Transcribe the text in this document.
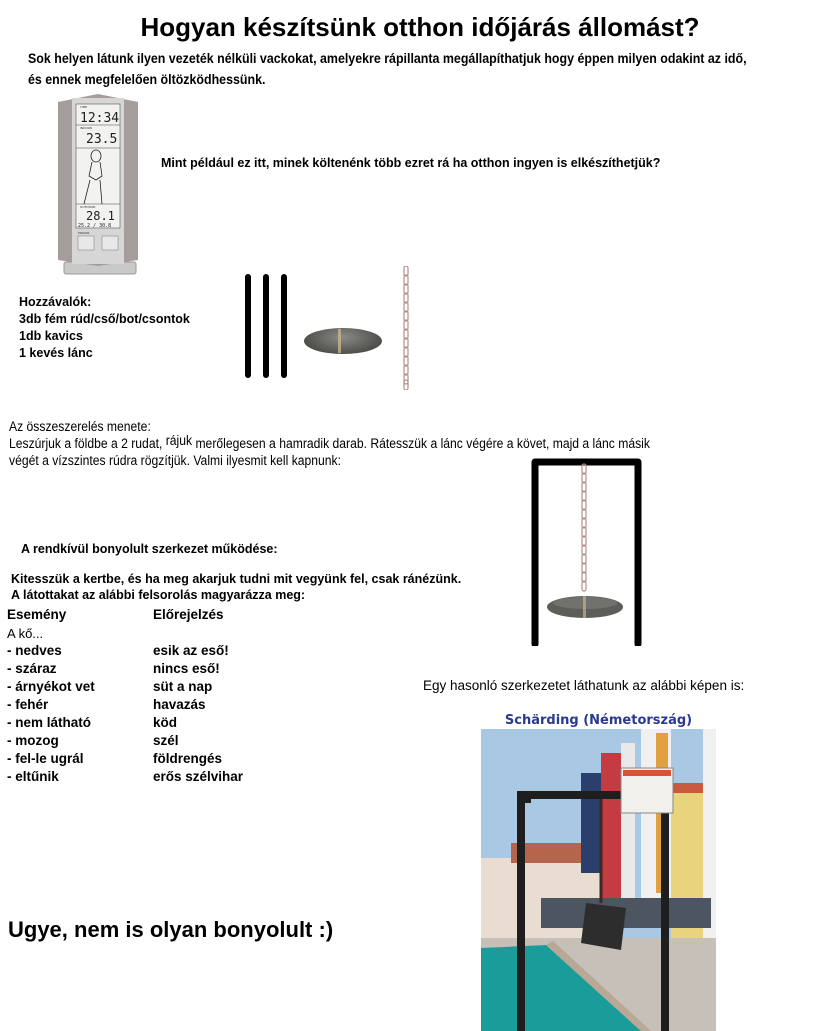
Hogyan készítsünk otthon időjárás állomást?
Sok helyen látunk ilyen vezeték nélküli vackokat, amelyekre rápillanta megállapíthatjuk hogy éppen milyen odakint az idő,
és ennek megfelelően öltözködhessünk.
TIME
12:34
INDOOR
23.5
OUTDOOR
28.1
25.2 / 30.8
MIN/ON
Mint például ez itt, minek költenénk több ezret rá ha otthon ingyen is elkészíthetjük?
Hozzávalók:
3db fém rúd/cső/bot/csontok
1db kavics
1 kevés lánc
Az összeszerelés menete:
Leszúrjuk a földbe a 2 rudat, rájuk merőlegesen a hamradik darab. Rátesszük a lánc végére a követ, majd a lánc másik
végét a vízszintes rúdra rögzítjük. Valmi ilyesmit kell kapnunk:
A rendkívül bonyolult szerkezet működése:
Kitesszük a kertbe, és ha meg akarjuk tudni mit vegyünk fel, csak ránézünk.
A látottakat az alábbi felsorolás magyarázza meg:
Esemény	Előrejelzés
A kő...
- nedves	esik az eső!
- száraz	nincs eső!
- árnyékot vet	süt a nap
- fehér	havazás
- nem látható	köd
- mozog	szél
- fel-le ugrál	földrengés
- eltűnik	erős szélvihar
Egy hasonló szerkezetet láthatunk az alábbi képen is:
Schärding (Németország)
Ugye, nem is olyan bonyolult :)
